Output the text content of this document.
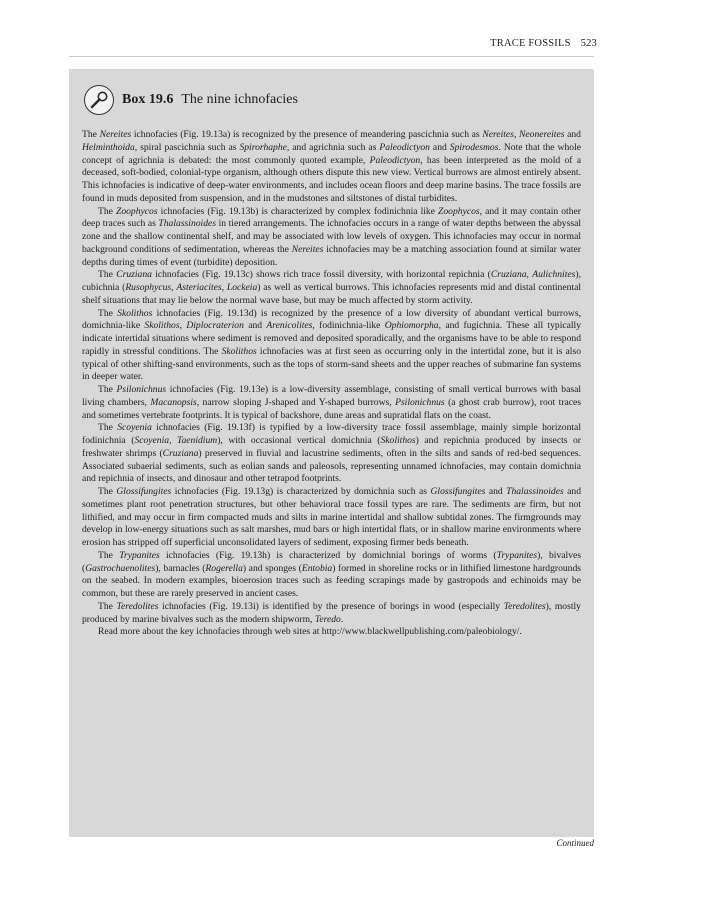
TRACE FOSSILS 523
Box 19.6 The nine ichnofacies

The Nereites ichnofacies (Fig. 19.13a) is recognized by the presence of meandering pascichnia such as Nereites, Neonereites and Helminthoida, spiral pascichnia such as Spirorhaphe, and agrichnia such as Paleodictyon and Spirodesmos. Note that the whole concept of agrichnia is debated: the most commonly quoted example, Paleodictyon, has been interpreted as the mold of a deceased, soft-bodied, colonial-type organism, although others dispute this new view. Vertical burrows are almost entirely absent. This ichnofacies is indicative of deep-water environments, and includes ocean floors and deep marine basins. The trace fossils are found in muds deposited from suspension, and in the mudstones and siltstones of distal turbidites.

The Zoophycos ichnofacies (Fig. 19.13b) is characterized by complex fodinichnia like Zoophycos, and it may contain other deep traces such as Thalassinoides in tiered arrangements. The ichnofacies occurs in a range of water depths between the abyssal zone and the shallow continental shelf, and may be associated with low levels of oxygen. This ichnofacies may occur in normal background conditions of sedimentation, whereas the Nereites ichnofacies may be a matching association found at similar water depths during times of event (turbidite) deposition.

The Cruziana ichnofacies (Fig. 19.13c) shows rich trace fossil diversity, with horizontal repichnia (Cruziana, Aulichnites), cubichnia (Rusophycus, Asteriacites, Lockeia) as well as vertical burrows. This ichnofacies represents mid and distal continental shelf situations that may lie below the normal wave base, but may be much affected by storm activity.

The Skolithos ichnofacies (Fig. 19.13d) is recognized by the presence of a low diversity of abundant vertical burrows, domichnia-like Skolithos, Diplocraterion and Arenicolites, fodinichnia-like Ophiomorpha, and fugichnia. These all typically indicate intertidal situations where sediment is removed and deposited sporadically, and the organisms have to be able to respond rapidly in stressful conditions. The Skolithos ichnofacies was at first seen as occurring only in the intertidal zone, but it is also typical of other shifting-sand environments, such as the tops of storm-sand sheets and the upper reaches of submarine fan systems in deeper water.

The Psilonichnus ichnofacies (Fig. 19.13e) is a low-diversity assemblage, consisting of small vertical burrows with basal living chambers, Macanopsis, narrow sloping J-shaped and Y-shaped burrows, Psilonichnus (a ghost crab burrow), root traces and sometimes vertebrate footprints. It is typical of backshore, dune areas and supratidal flats on the coast.

The Scoyenia ichnofacies (Fig. 19.13f) is typified by a low-diversity trace fossil assemblage, mainly simple horizontal fodinichnia (Scoyenia, Taenidium), with occasional vertical domichnia (Skolithos) and repichnia produced by insects or freshwater shrimps (Cruziana) preserved in fluvial and lacustrine sediments, often in the silts and sands of red-bed sequences. Associated subaerial sediments, such as eolian sands and paleosols, representing unnamed ichnofacies, may contain domichnia and repichnia of insects, and dinosaur and other tetrapod footprints.

The Glossifungites ichnofacies (Fig. 19.13g) is characterized by domichnia such as Glossifungites and Thalassinoides and sometimes plant root penetration structures, but other behavioral trace fossil types are rare. The sediments are firm, but not lithified, and may occur in firm compacted muds and silts in marine intertidal and shallow subtidal zones. The firmgrounds may develop in low-energy situations such as salt marshes, mud bars or high intertidal flats, or in shallow marine environments where erosion has stripped off superficial unconsolidated layers of sediment, exposing firmer beds beneath.

The Trypanites ichnofacies (Fig. 19.13h) is characterized by domichnial borings of worms (Trypanites), bivalves (Gastrochaenolites), barnacles (Rogerella) and sponges (Entobia) formed in shoreline rocks or in lithified limestone hardgrounds on the seabed. In modern examples, bioerosion traces such as feeding scrapings made by gastropods and echinoids may be common, but these are rarely preserved in ancient cases.

The Teredolites ichnofacies (Fig. 19.13i) is identified by the presence of borings in wood (especially Teredolites), mostly produced by marine bivalves such as the modern shipworm, Teredo.

Read more about the key ichnofacies through web sites at http://www.blackwellpublishing.com/paleobiology/.

Continued
